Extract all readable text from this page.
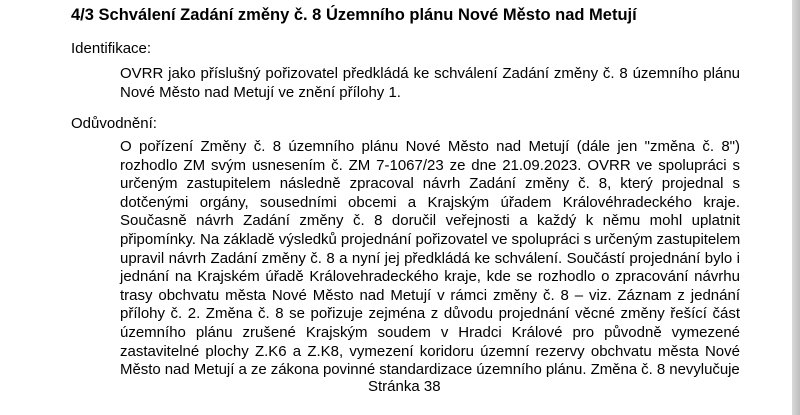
4/3 Schválení Zadání změny č. 8 Územního plánu Nové Město nad Metují

Identifikace:

OVRR jako příslušný pořizovatel předkládá ke schválení Zadání změny č. 8 územního plánu
Nové Město nad Metují ve znění přílohy 1.

Odůvodnění:

O pořízení Změny č. 8 územního plánu Nové Město nad Metují (dále jen "změna č. 8")
rozhodlo ZM svým usnesením č. ZM 7-1067/23 ze dne 21.09.2023. OVRR ve spolupráci s
určeným zastupitelem následně zpracoval návrh Zadání změny č. 8, který projednal s
dotčenými orgány, sousedními obcemi a Krajským úřadem Královéhradeckého kraje.
Současně návrh Zadání změny č. 8 doručil veřejnosti a každý k němu mohl uplatnit
připomínky. Na základě výsledků projednání pořizovatel ve spolupráci s určeným zastupitelem
upravil návrh Zadání změny č. 8 a nyní jej předkládá ke schválení. Součástí projednání bylo i
jednání na Krajském úřadě Královehradeckého kraje, kde se rozhodlo o zpracování návrhu
trasy obchvatu města Nové Město nad Metují v rámci změny č. 8 – viz. Záznam z jednání
přílohy č. 2. Změna č. 8 se pořizuje zejména z důvodu projednání věcné změny řešící část
územního plánu zrušené Krajským soudem v Hradci Králové pro původně vymezené
zastavitelné plochy Z.K6 a Z.K8, vymezení koridoru územní rezervy obchvatu města Nové
Město nad Metují a ze zákona povinné standardizace územního plánu. Změna č. 8 nevylučuje

Stránka 38
